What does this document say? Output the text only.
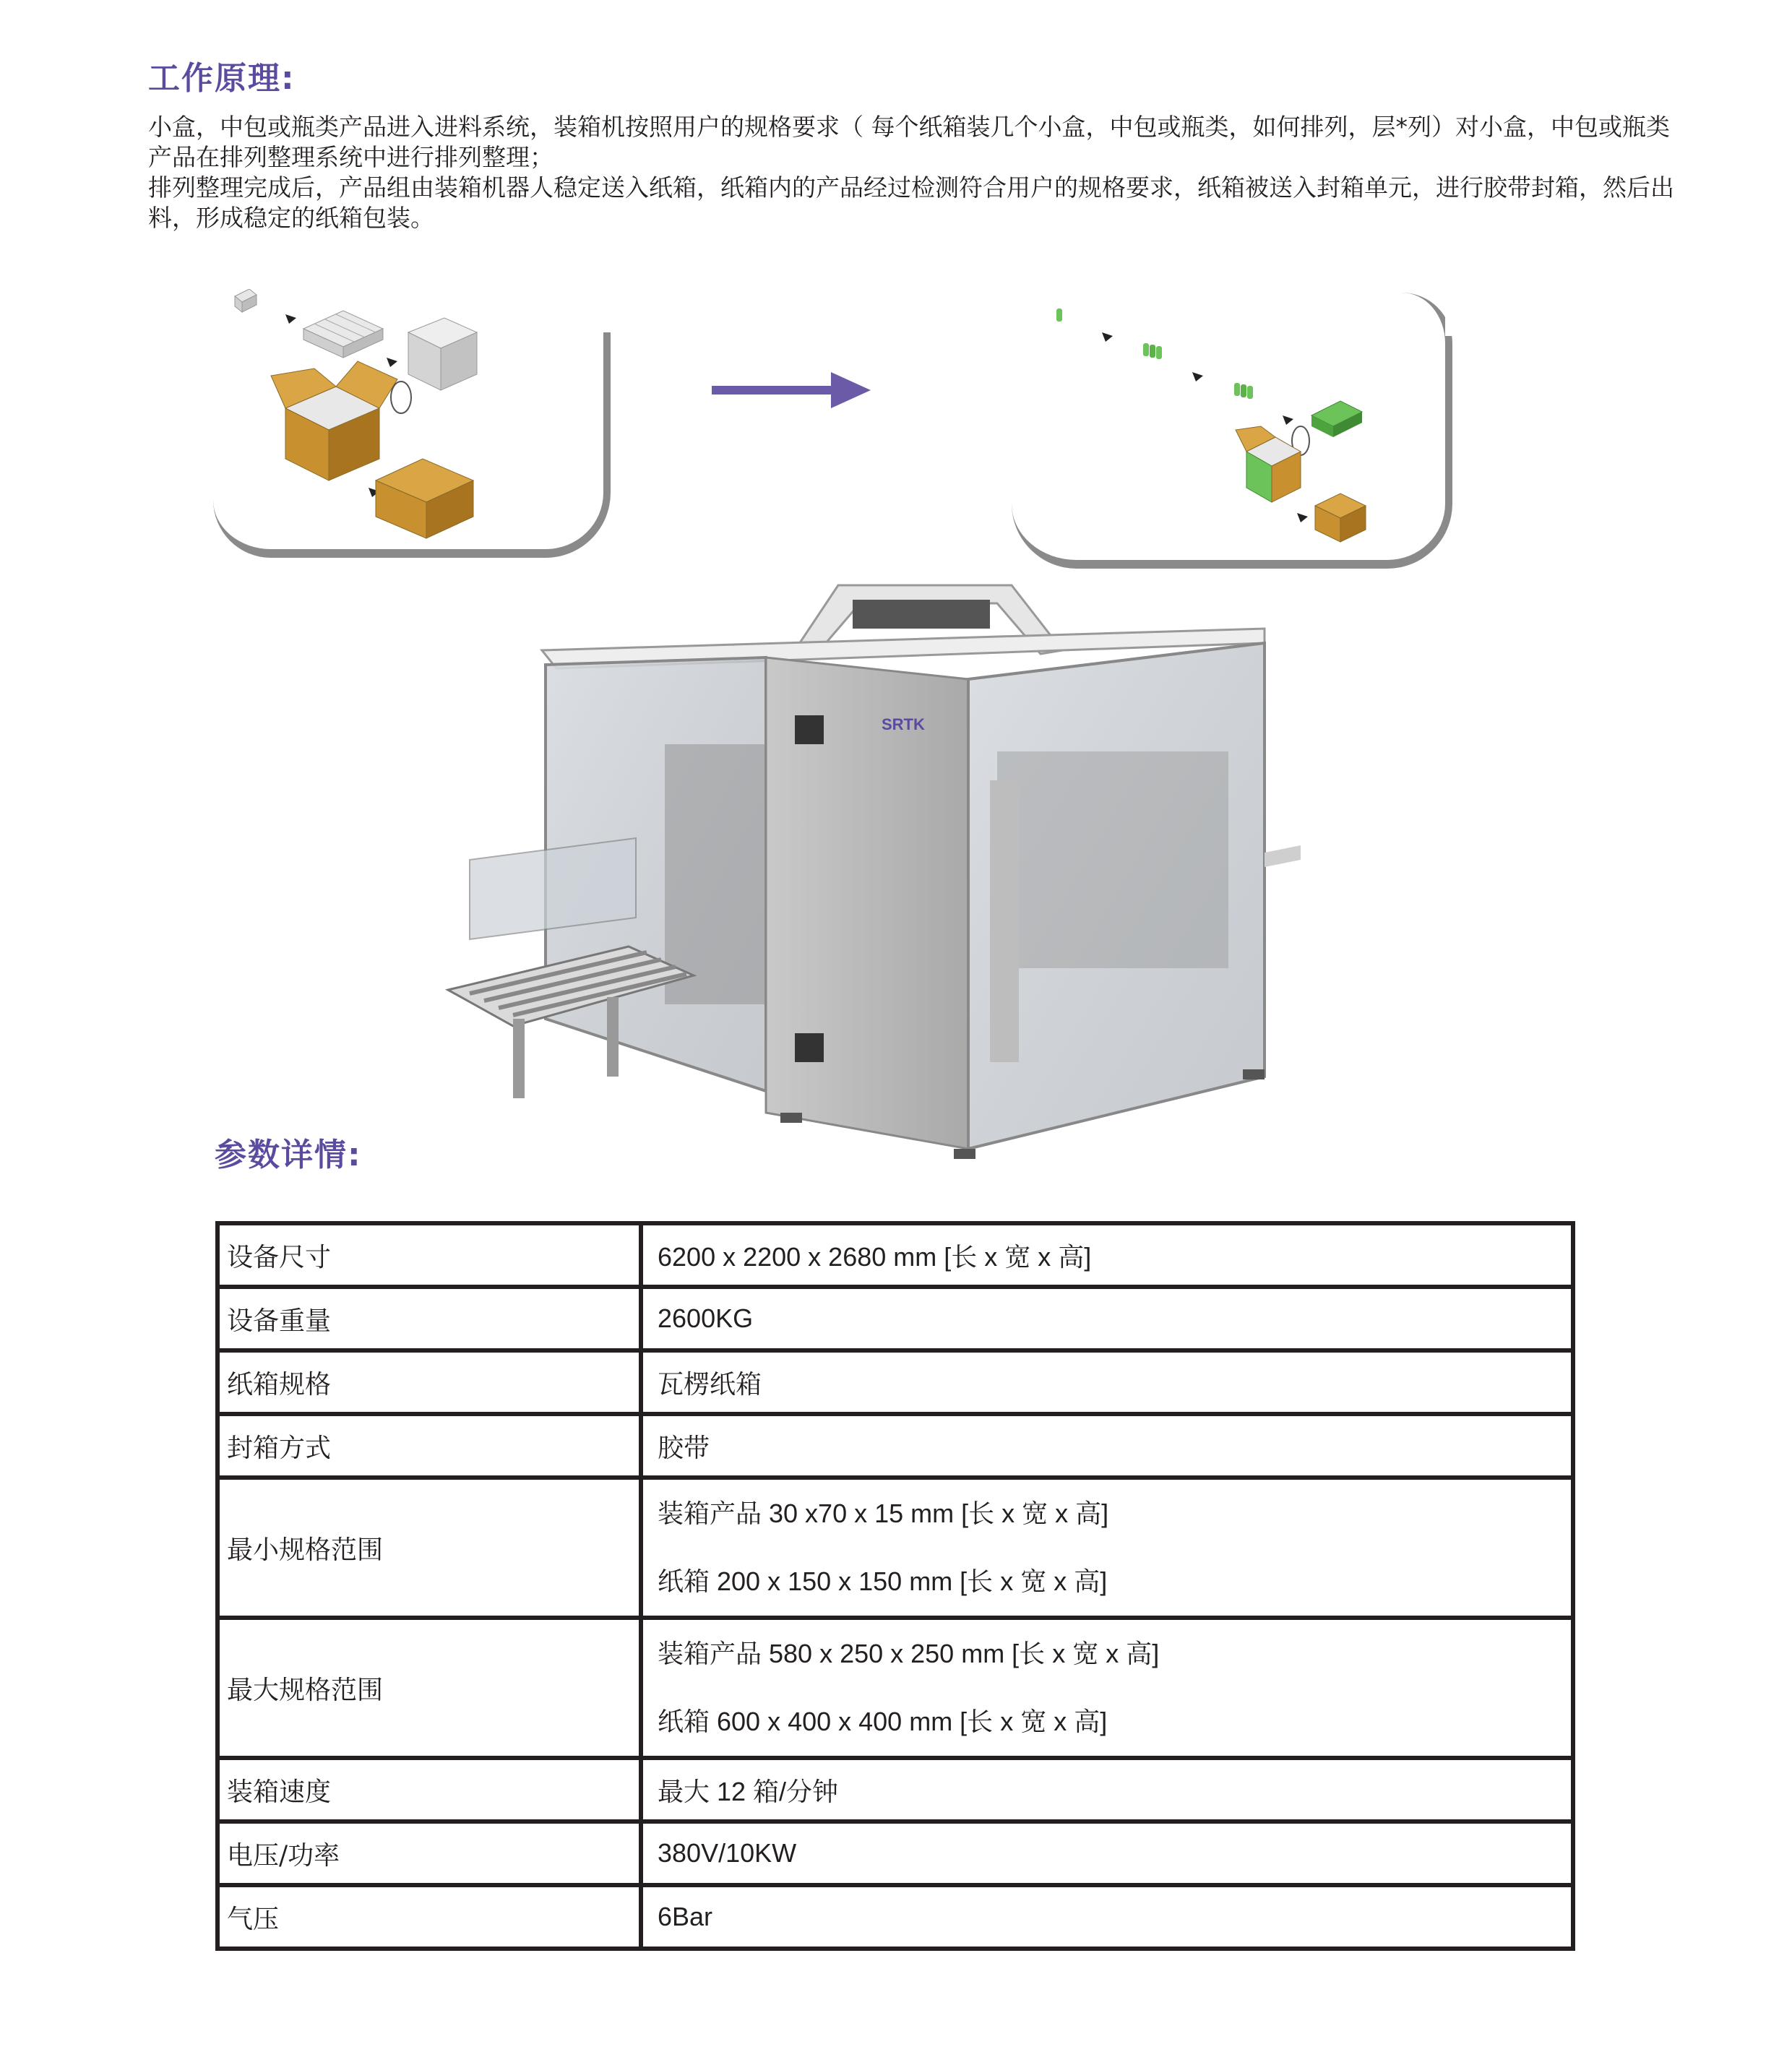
工作原理:

小盒，中包或瓶类产品进入进料系统，装箱机按照用户的规格要求（ 每个纸箱装几个小盒，中包或瓶类，如何排列，层*列）对小盒，中包或瓶类产品在排列整理系统中进行排列整理；

排列整理完成后，产品组由装箱机器人稳定送入纸箱，纸箱内的产品经过检测符合用户的规格要求，纸箱被送入封箱单元，进行胶带封箱，然后出料，形成稳定的纸箱包装。

SRTK
参数详情:
设备尺寸	6200 x 2200 x 2680 mm [长 x 宽 x 高]
设备重量	2600KG
纸箱规格	瓦楞纸箱
封箱方式	胶带
最小规格范围	装箱产品 30 x70 x 15 mm [长 x 宽 x 高]
纸箱 200 x 150 x 150 mm [长 x 宽 x 高]

最大规格范围	装箱产品 580 x 250 x 250 mm [长 x 宽 x 高]
纸箱 600 x 400 x 400 mm [长 x 宽 x 高]

装箱速度	最大 12 箱/分钟
电压/功率	380V/10KW
气压	6Bar
